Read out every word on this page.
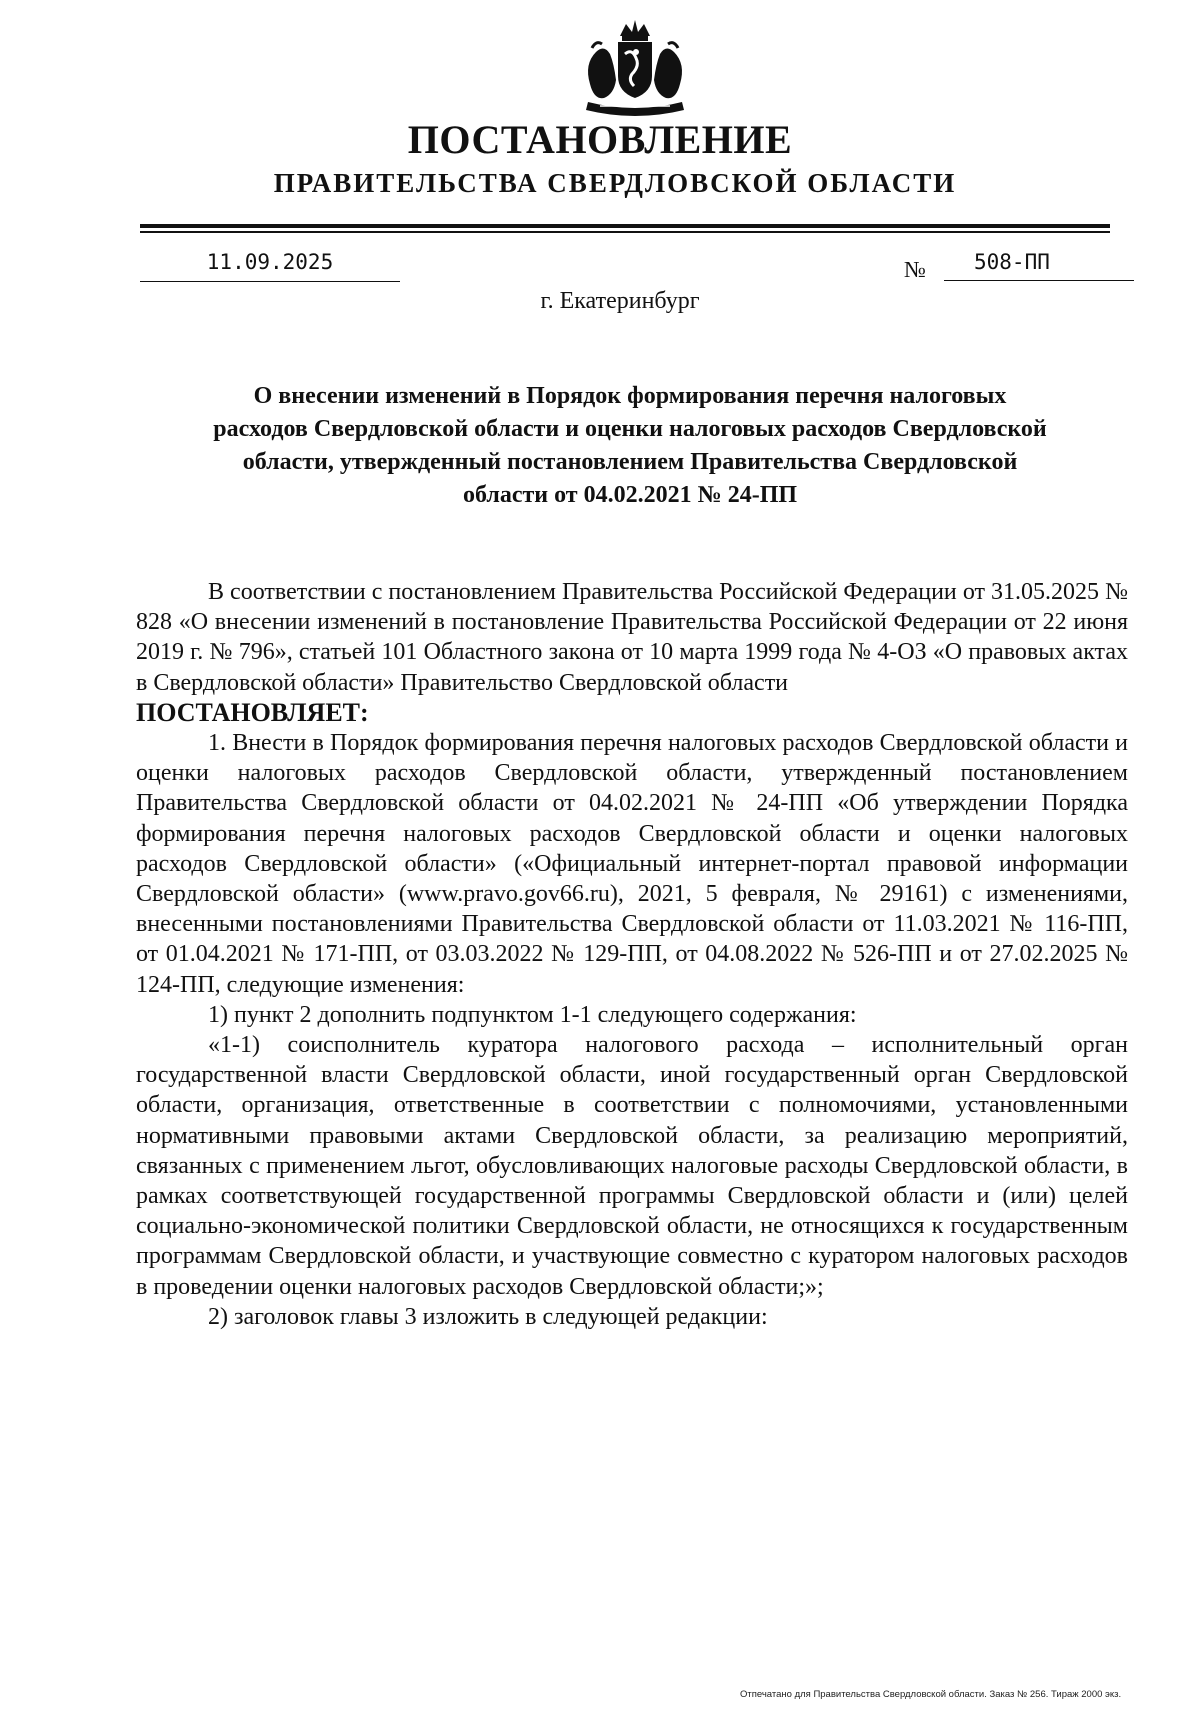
ПОСТАНОВЛЕНИЕ
ПРАВИТЕЛЬСТВА СВЕРДЛОВСКОЙ ОБЛАСТИ
11.09.2025	№	508-ПП
г. Екатеринбург
О внесении изменений в Порядок формирования перечня налоговых расходов Свердловской области и оценки налоговых расходов Свердловской области, утвержденный постановлением Правительства Свердловской области от 04.02.2021 № 24-ПП

В соответствии с постановлением Правительства Российской Федерации от 31.05.2025 № 828 «О внесении изменений в постановление Правительства Российской Федерации от 22 июня 2019 г. № 796», статьей 101 Областного закона от 10 марта 1999 года № 4-ОЗ «О правовых актах в Свердловской области» Правительство Свердловской области

ПОСТАНОВЛЯЕТ:

1. Внести в Порядок формирования перечня налоговых расходов Свердловской области и оценки налоговых расходов Свердловской области, утвержденный постановлением Правительства Свердловской области от 04.02.2021 № 24-ПП «Об утверждении Порядка формирования перечня налоговых расходов Свердловской области и оценки налоговых расходов Свердловской области» («Официальный интернет-портал правовой информации Свердловской области» (www.pravo.gov66.ru), 2021, 5 февраля, № 29161) с изменениями, внесенными постановлениями Правительства Свердловской области от 11.03.2021 № 116-ПП, от 01.04.2021 № 171-ПП, от 03.03.2022 № 129-ПП, от 04.08.2022 № 526-ПП и от 27.02.2025 № 124-ПП, следующие изменения:

1) пункт 2 дополнить подпунктом 1-1 следующего содержания:

«1-1) соисполнитель куратора налогового расхода – исполнительный орган государственной власти Свердловской области, иной государственный орган Свердловской области, организация, ответственные в соответствии с полномочиями, установленными нормативными правовыми актами Свердловской области, за реализацию мероприятий, связанных с применением льгот, обусловливающих налоговые расходы Свердловской области, в рамках соответствующей государственной программы Свердловской области и (или) целей социально-экономической политики Свердловской области, не относящихся к государственным программам Свердловской области, и участвующие совместно с куратором налоговых расходов в проведении оценки налоговых расходов Свердловской области;»;

2) заголовок главы 3 изложить в следующей редакции:

Отпечатано для Правительства Свердловской области. Заказ № 256. Тираж 2000 экз.
